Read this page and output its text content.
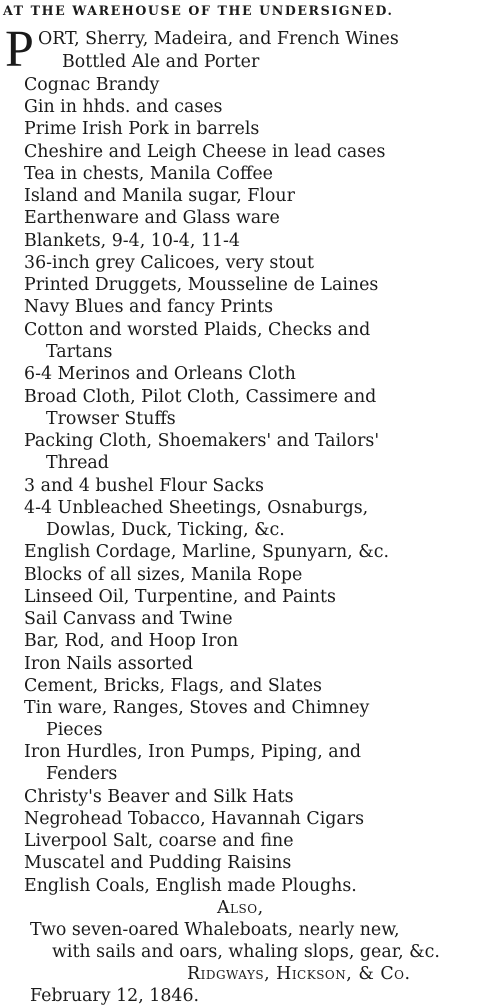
AT THE WAREHOUSE OF THE UNDERSIGNED.
P ORT, Sherry, Madeira, and French Wines
Bottled Ale and Porter
Cognac Brandy
Gin in hhds. and cases
Prime Irish Pork in barrels
Cheshire and Leigh Cheese in lead cases
Tea in chests, Manila Coffee
Island and Manila sugar, Flour
Earthenware and Glass ware
Blankets, 9-4, 10-4, 11-4
36-inch grey Calicoes, very stout
Printed Druggets, Mousseline de Laines
Navy Blues and fancy Prints
Cotton and worsted Plaids, Checks and
Tartans
6-4 Merinos and Orleans Cloth
Broad Cloth, Pilot Cloth, Cassimere and
Trowser Stuffs
Packing Cloth, Shoemakers' and Tailors'
Thread
3 and 4 bushel Flour Sacks
4-4 Unbleached Sheetings, Osnaburgs,
Dowlas, Duck, Ticking, &c.
English Cordage, Marline, Spunyarn, &c.
Blocks of all sizes, Manila Rope
Linseed Oil, Turpentine, and Paints
Sail Canvass and Twine
Bar, Rod, and Hoop Iron
Iron Nails assorted
Cement, Bricks, Flags, and Slates
Tin ware, Ranges, Stoves and Chimney
Pieces
Iron Hurdles, Iron Pumps, Piping, and
Fenders
Christy's Beaver and Silk Hats
Negrohead Tobacco, Havannah Cigars
Liverpool Salt, coarse and fine
Muscatel and Pudding Raisins
English Coals, English made Ploughs.
Also,
Two seven-oared Whaleboats, nearly new,
with sails and oars, whaling slops, gear, &c.
Ridgways, Hickson, & Co.
February 12, 1846.
